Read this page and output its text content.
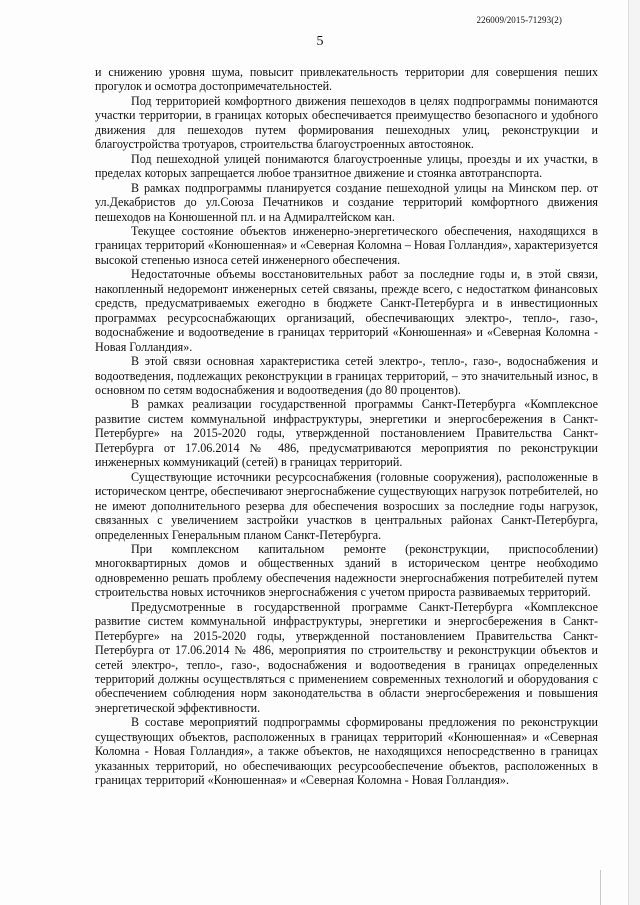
226009/2015-71293(2)
5

и снижению уровня шума, повысит привлекательность территории для совершения пеших прогулок и осмотра достопримечательностей.

Под территорией комфортного движения пешеходов в целях подпрограммы понимаются участки территории, в границах которых обеспечивается преимущество безопасного и удобного движения для пешеходов путем формирования пешеходных улиц, реконструкции и благоустройства тротуаров, строительства благоустроенных автостоянок.

Под пешеходной улицей понимаются благоустроенные улицы, проезды и их участки, в пределах которых запрещается любое транзитное движение и стоянка автотранспорта.

В рамках подпрограммы планируется создание пешеходной улицы на Минском пер. от ул.Декабристов до ул.Союза Печатников и создание территорий комфортного движения пешеходов на Конюшенной пл. и на Адмиралтейском кан.

Текущее состояние объектов инженерно-энергетического обеспечения, находящихся в границах территорий «Конюшенная» и «Северная Коломна – Новая Голландия», характеризуется высокой степенью износа сетей инженерного обеспечения.

Недостаточные объемы восстановительных работ за последние годы и, в этой связи, накопленный недоремонт инженерных сетей связаны, прежде всего, с недостатком финансовых средств, предусматриваемых ежегодно в бюджете Санкт-Петербурга и в инвестиционных программах ресурсоснабжающих организаций, обеспечивающих электро-, тепло-, газо-, водоснабжение и водоотведение в границах территорий «Конюшенная» и «Северная Коломна - Новая Голландия».

В этой связи основная характеристика сетей электро-, тепло-, газо-, водоснабжения и водоотведения, подлежащих реконструкции в границах территорий, – это значительный износ, в основном по сетям водоснабжения и водоотведения (до 80 процентов).

В рамках реализации государственной программы Санкт-Петербурга «Комплексное развитие систем коммунальной инфраструктуры, энергетики и энергосбережения в Санкт-Петербурге» на 2015-2020 годы, утвержденной постановлением Правительства Санкт-Петербурга от 17.06.2014 № 486, предусматриваются мероприятия по реконструкции инженерных коммуникаций (сетей) в границах территорий.

Существующие источники ресурсоснабжения (головные сооружения), расположенные в историческом центре, обеспечивают энергоснабжение существующих нагрузок потребителей, но не имеют дополнительного резерва для обеспечения возросших за последние годы нагрузок, связанных с увеличением застройки участков в центральных районах Санкт-Петербурга, определенных Генеральным планом Санкт-Петербурга.

При комплексном капитальном ремонте (реконструкции, приспособлении) многоквартирных домов и общественных зданий в историческом центре необходимо одновременно решать проблему обеспечения надежности энергоснабжения потребителей путем строительства новых источников энергоснабжения с учетом прироста развиваемых территорий.

Предусмотренные в государственной программе Санкт-Петербурга «Комплексное развитие систем коммунальной инфраструктуры, энергетики и энергосбережения в Санкт-Петербурге» на 2015-2020 годы, утвержденной постановлением Правительства Санкт-Петербурга от 17.06.2014 № 486, мероприятия по строительству и реконструкции объектов и сетей электро-, тепло-, газо-, водоснабжения и водоотведения в границах определенных территорий должны осуществляться с применением современных технологий и оборудования с обеспечением соблюдения норм законодательства в области энергосбережения и повышения энергетической эффективности.

В составе мероприятий подпрограммы сформированы предложения по реконструкции существующих объектов, расположенных в границах территорий «Конюшенная» и «Северная Коломна - Новая Голландия», а также объектов, не находящихся непосредственно в границах указанных территорий, но обеспечивающих ресурсообеспечение объектов, расположенных в границах территорий «Конюшенная» и «Северная Коломна - Новая Голландия».
